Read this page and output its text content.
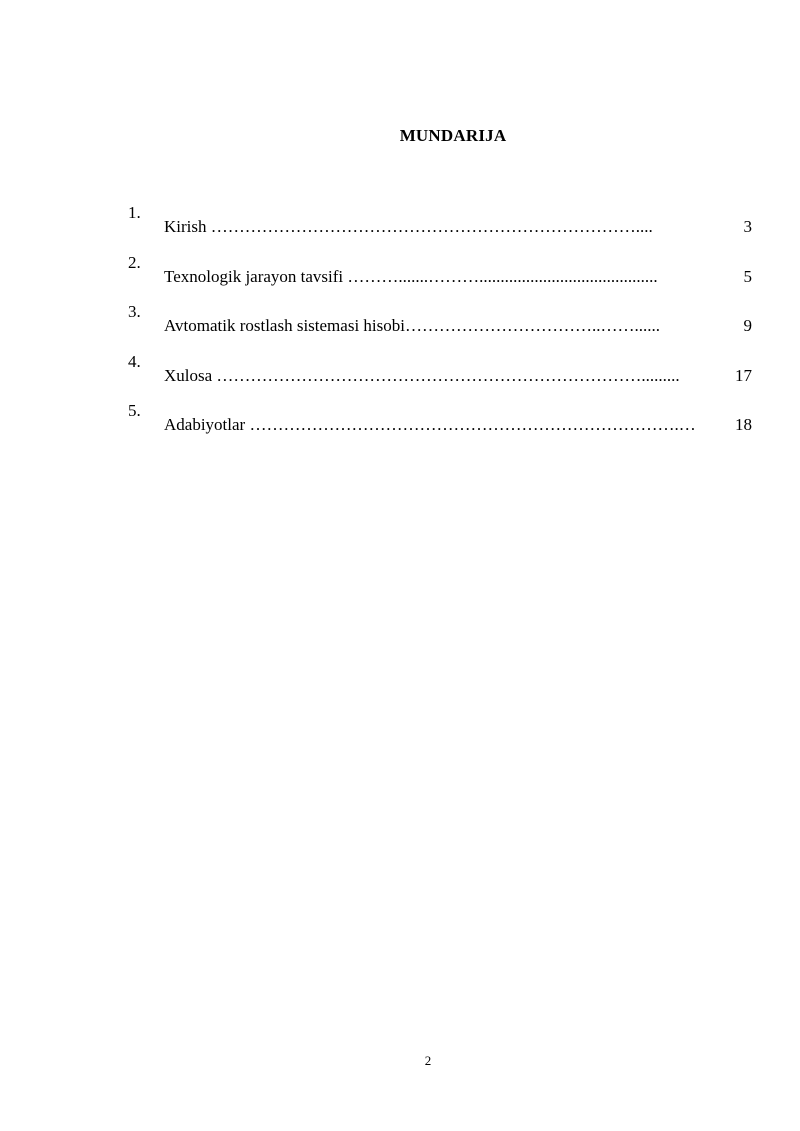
MUNDARIJA
1.
Kirish …………………………………………………………………....	3
2.
Texnologik jarayon tavsifi ……….......………..........................................	5
3.
Avtomatik rostlash sistemasi hisobi……………………………..……......	9
4.
Xulosa ………………………………………………………………….........	17
5.
Adabiyotlar ………………………………………………………………….… 18
2
